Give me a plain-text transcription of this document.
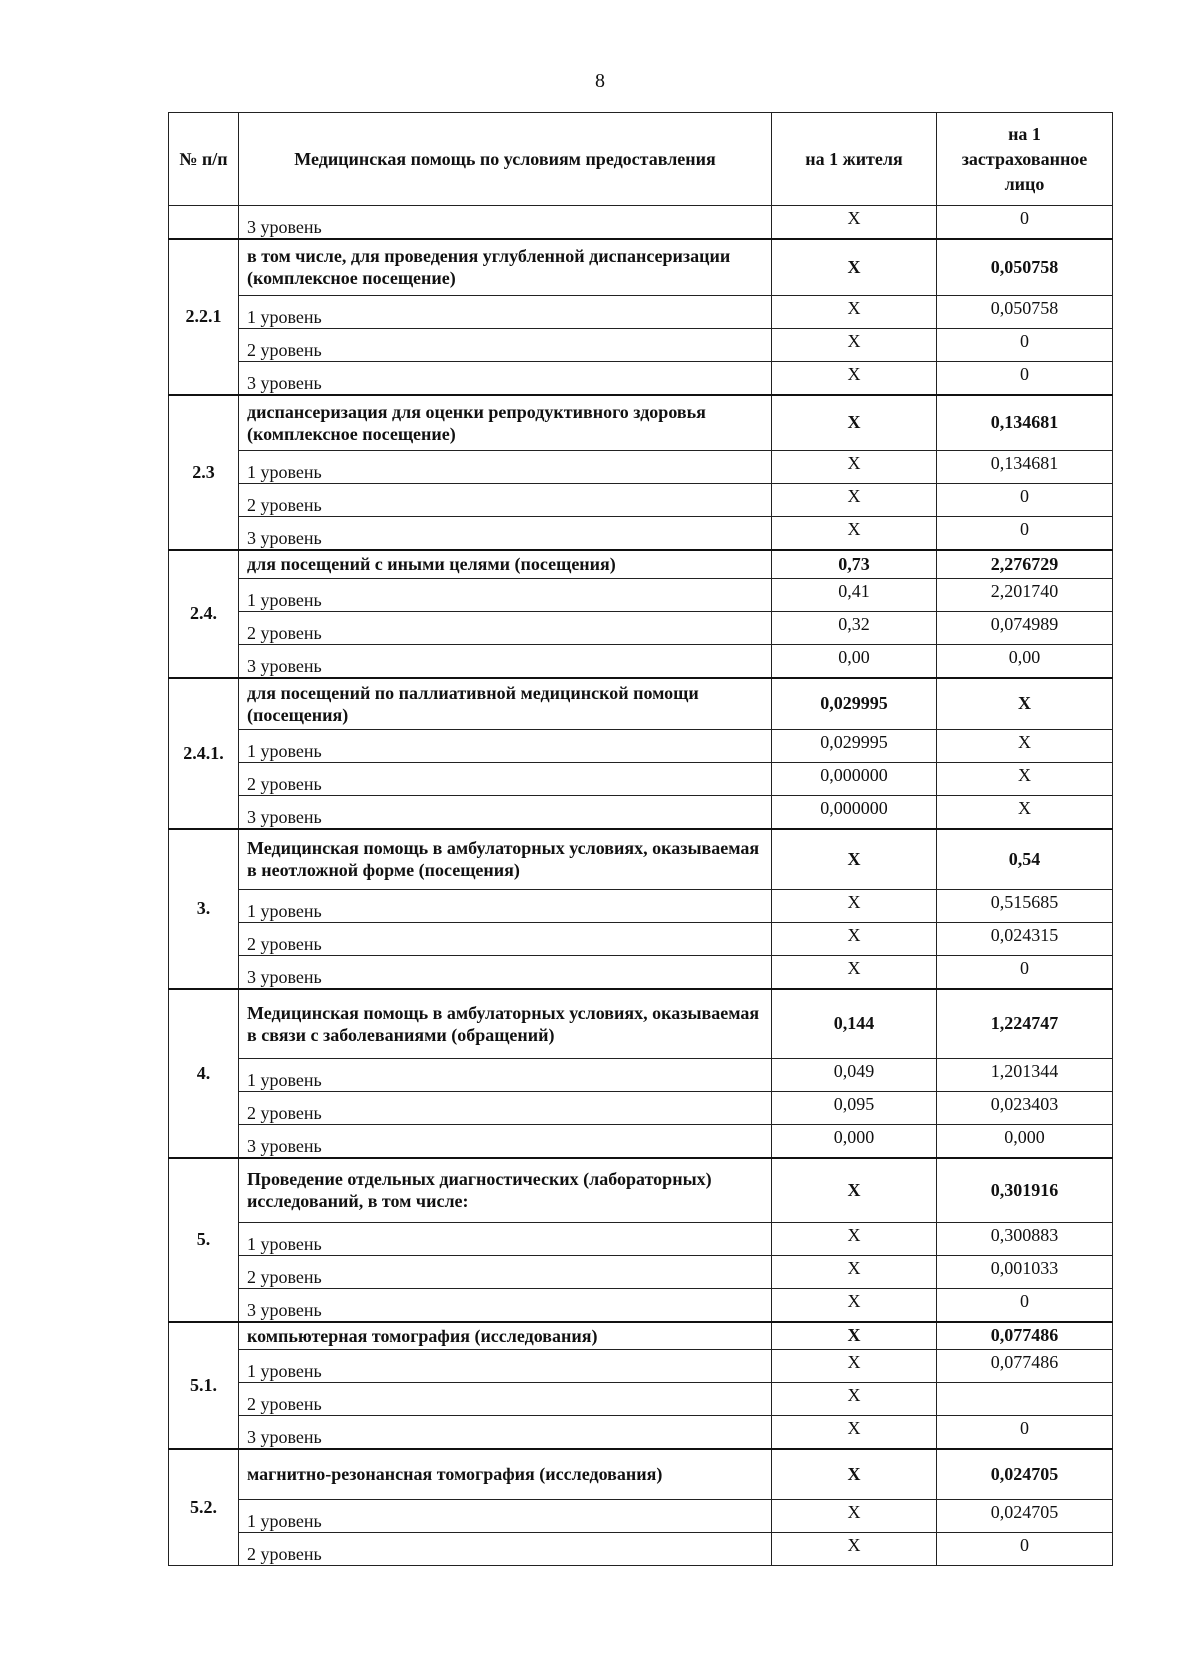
8
№ п/п	Медицинская помощь по условиям предоставления	на 1 жителя	на 1 застрахованное лицо
	3 уровень	X	0
2.2.1	в том числе, для проведения углубленной диспансеризации (комплексное посещение)	X	0,050758
	1 уровень	X	0,050758
	2 уровень	X	0
	3 уровень	X	0
2.3	диспансеризация для оценки репродуктивного здоровья (комплексное посещение)	X	0,134681
	1 уровень	X	0,134681
	2 уровень	X	0
	3 уровень	X	0
2.4.	для посещений с иными целями (посещения)	0,73	2,276729
	1 уровень	0,41	2,201740
	2 уровень	0,32	0,074989
	3 уровень	0,00	0,00
2.4.1.	для посещений по паллиативной медицинской помощи (посещения)	0,029995	X
	1 уровень	0,029995	X
	2 уровень	0,000000	X
	3 уровень	0,000000	X
3.	Медицинская помощь в амбулаторных условиях, оказываемая в неотложной форме (посещения)	X	0,54
	1 уровень	X	0,515685
	2 уровень	X	0,024315
	3 уровень	X	0
4.	Медицинская помощь в амбулаторных условиях, оказываемая в связи с заболеваниями (обращений)	0,144	1,224747
	1 уровень	0,049	1,201344
	2 уровень	0,095	0,023403
	3 уровень	0,000	0,000
5.	Проведение отдельных диагностических (лабораторных) исследований, в том числе:	X	0,301916
	1 уровень	X	0,300883
	2 уровень	X	0,001033
	3 уровень	X	0
5.1.	компьютерная томография (исследования)	X	0,077486
	1 уровень	X	0,077486
	2 уровень	X	
	3 уровень	X	0
5.2.	магнитно-резонансная томография (исследования)	X	0,024705
	1 уровень	X	0,024705
	2 уровень	X	0
